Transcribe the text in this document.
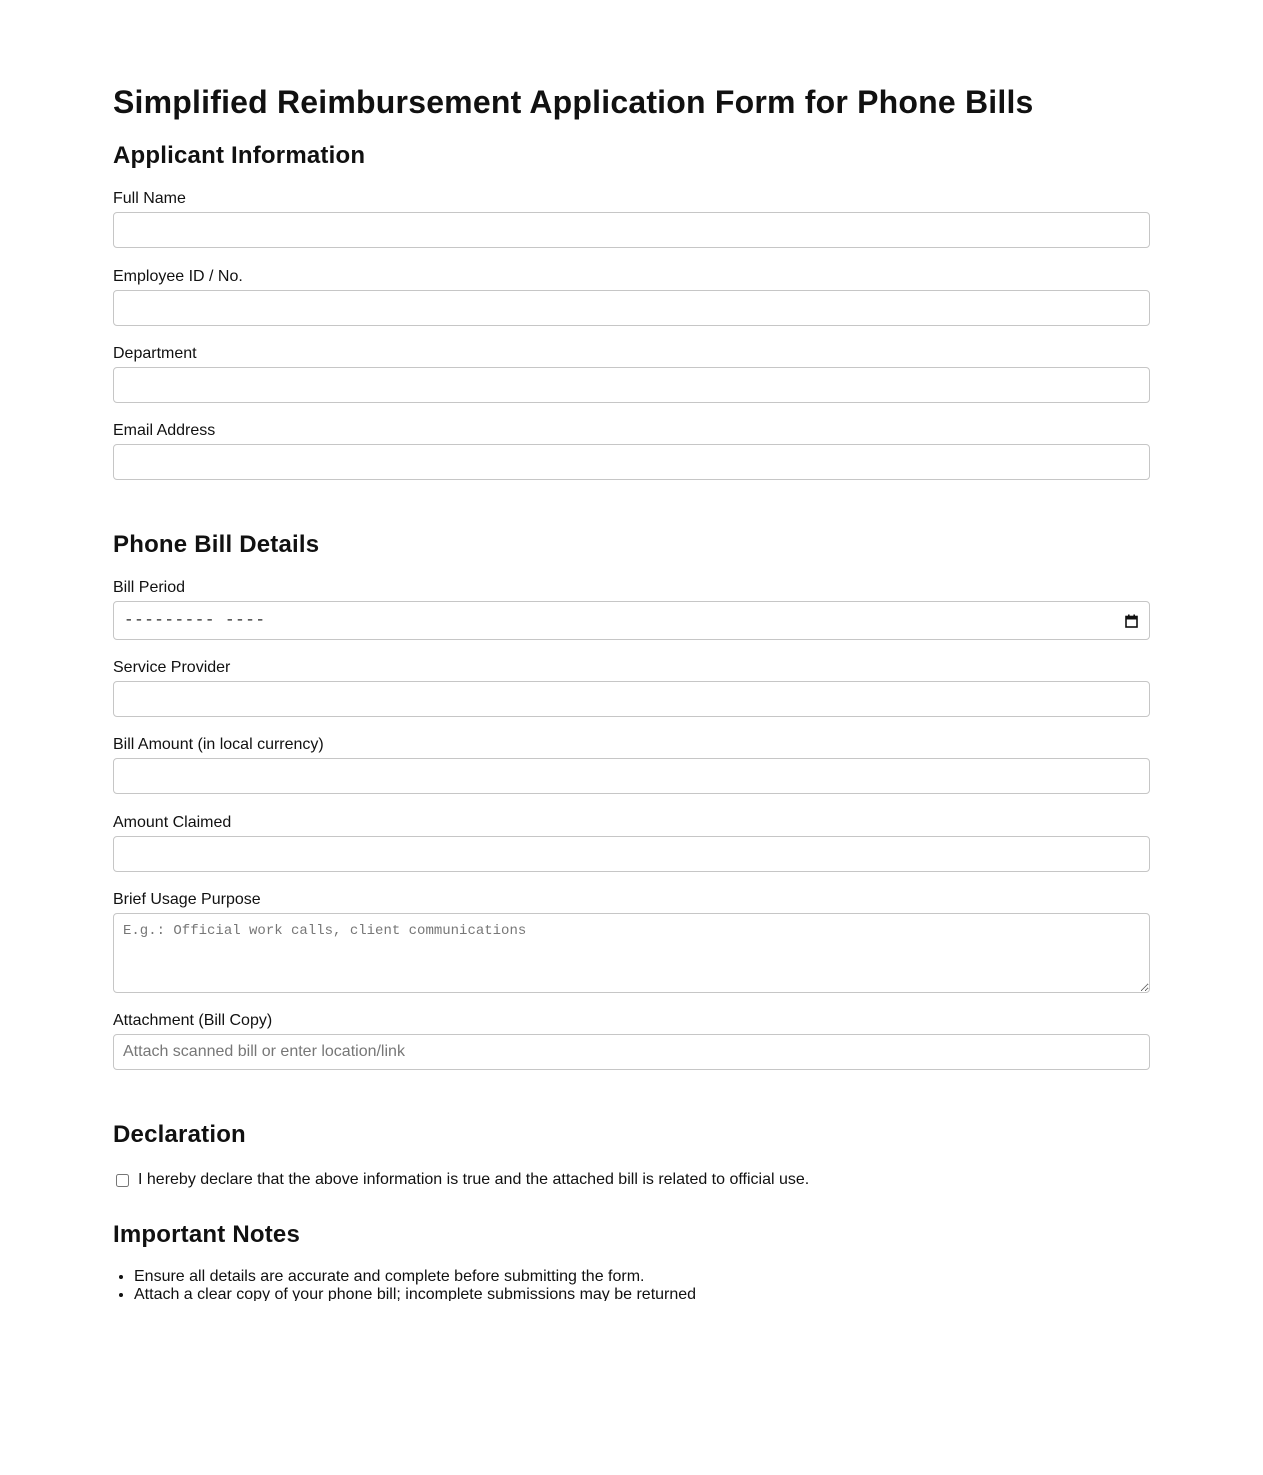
Simplified Reimbursement Application Form for Phone Bills
Applicant Information
Full Name
Employee ID / No.
Department
Email Address
Phone Bill Details
Bill Period
--------- ----
Service Provider
Bill Amount (in local currency)
Amount Claimed
Brief Usage Purpose
E.g.: Official work calls, client communications
Attachment (Bill Copy)
Attach scanned bill or enter location/link
Declaration
I hereby declare that the above information is true and the attached bill is related to official use.
Important Notes
• Ensure all details are accurate and complete before submitting the form.
• Attach a clear copy of your phone bill; incomplete submissions may be returned
